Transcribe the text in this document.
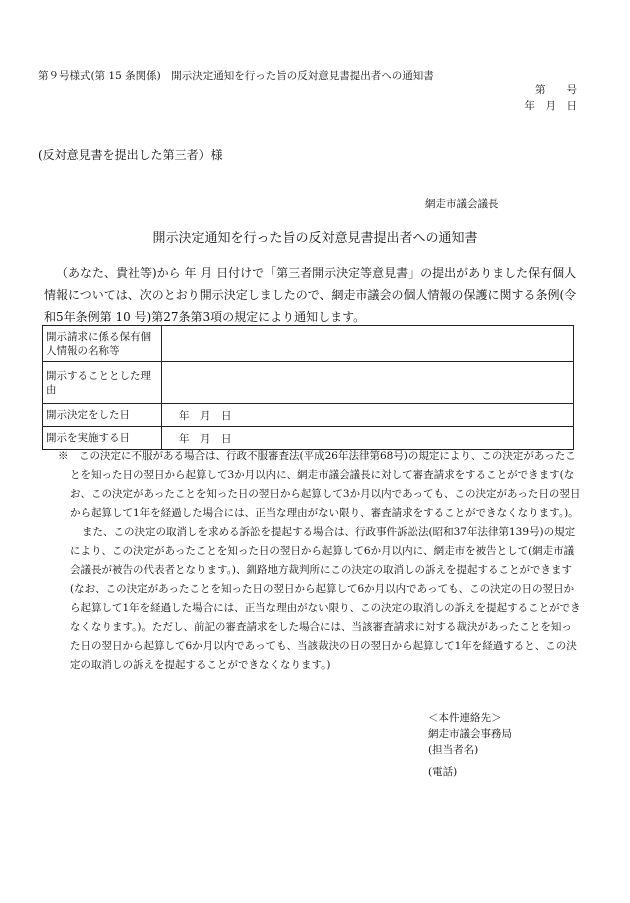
第９号様式(第 15 条関係)　開示決定通知を行った旨の反対意見書提出者への通知書
第　　号
年　月　日
(反対意見書を提出した第三者）様
網走市議会議長
開示決定通知を行った旨の反対意見書提出者への通知書

（あなた、貴社等)から 年 月 日付けで「第三者開示決定等意見書」の提出がありました保有個人情報については、次のとおり開示決定しましたので、網走市議会の個人情報の保護に関する条例(令和5年条例第 10 号)第27条第3項の規定により通知します。

開示請求に係る保有個人情報の名称等	
開示することとした理由	
開示決定をした日	年　月　日
開示を実施する日	年　月　日

※　この決定に不服がある場合は、行政不服審査法(平成26年法律第68号)の規定により、この決定があったことを知った日の翌日から起算して3か月以内に、網走市議会議長に対して審査請求をすることができます(なお、この決定があったことを知った日の翌日から起算して3か月以内であっても、この決定があった日の翌日から起算して1年を経過した場合には、正当な理由がない限り、審査請求をすることができなくなります。)。

また、この決定の取消しを求める訴訟を提起する場合は、行政事件訴訟法(昭和37年法律第139号)の規定により、この決定があったことを知った日の翌日から起算して6か月以内に、網走市を被告として(網走市議会議長が被告の代表者となります。)、釧路地方裁判所にこの決定の取消しの訴えを提起することができます(なお、この決定があったことを知った日の翌日から起算して6か月以内であっても、この決定の日の翌日から起算して1年を経過した場合には、正当な理由がない限り、この決定の取消しの訴えを提起することができなくなります。)。ただし、前記の審査請求をした場合には、当該審査請求に対する裁決があったことを知った日の翌日から起算して6か月以内であっても、当該裁決の日の翌日から起算して1年を経過すると、この決定の取消しの訴えを提起することができなくなります。)

＜本件連絡先＞
網走市議会事務局
(担当者名)
(電話)
